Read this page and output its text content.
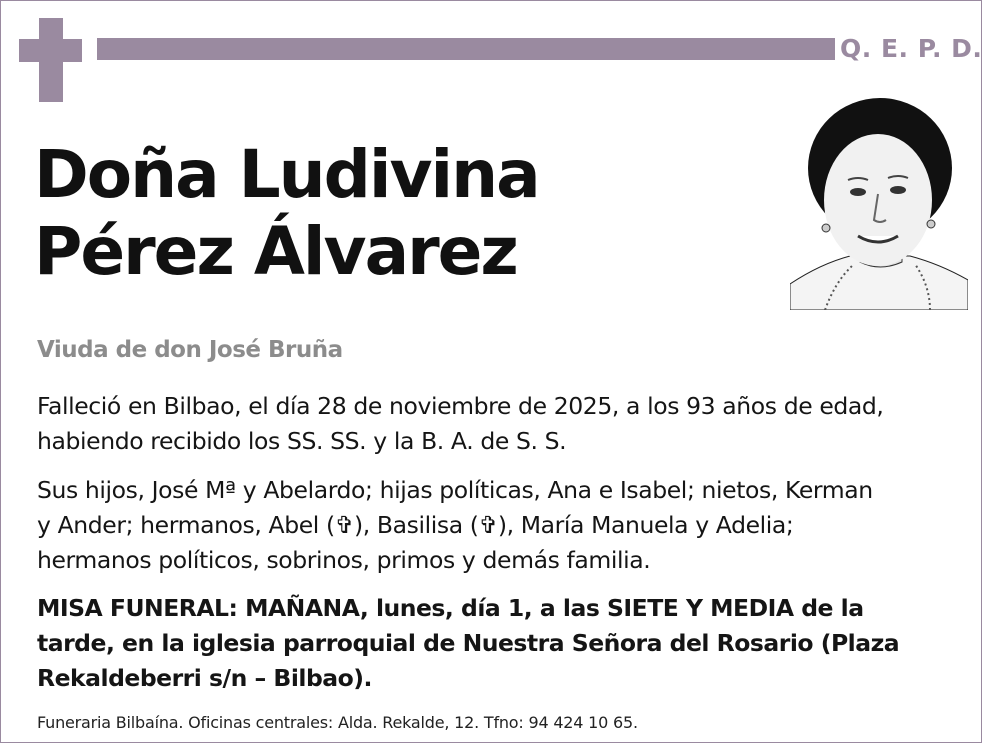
Q. E. P. D.
Doña Ludivina
Pérez Álvarez
Viuda de don José Bruña
Falleció en Bilbao, el día 28 de noviembre de 2025, a los 93 años de edad,
habiendo recibido los SS. SS. y la B. A. de S. S.
Sus hijos, José Mª y Abelardo; hijas políticas, Ana e Isabel; nietos, Kerman
y Ander; hermanos, Abel (✞), Basilisa (✞), María Manuela y Adelia;
hermanos políticos, sobrinos, primos y demás familia.
MISA FUNERAL: MAÑANA, lunes, día 1, a las SIETE Y MEDIA de la
tarde, en la iglesia parroquial de Nuestra Señora del Rosario (Plaza
Rekaldeberri s/n – Bilbao).
Funeraria Bilbaína. Oficinas centrales: Alda. Rekalde, 12. Tfno: 94 424 10 65.
